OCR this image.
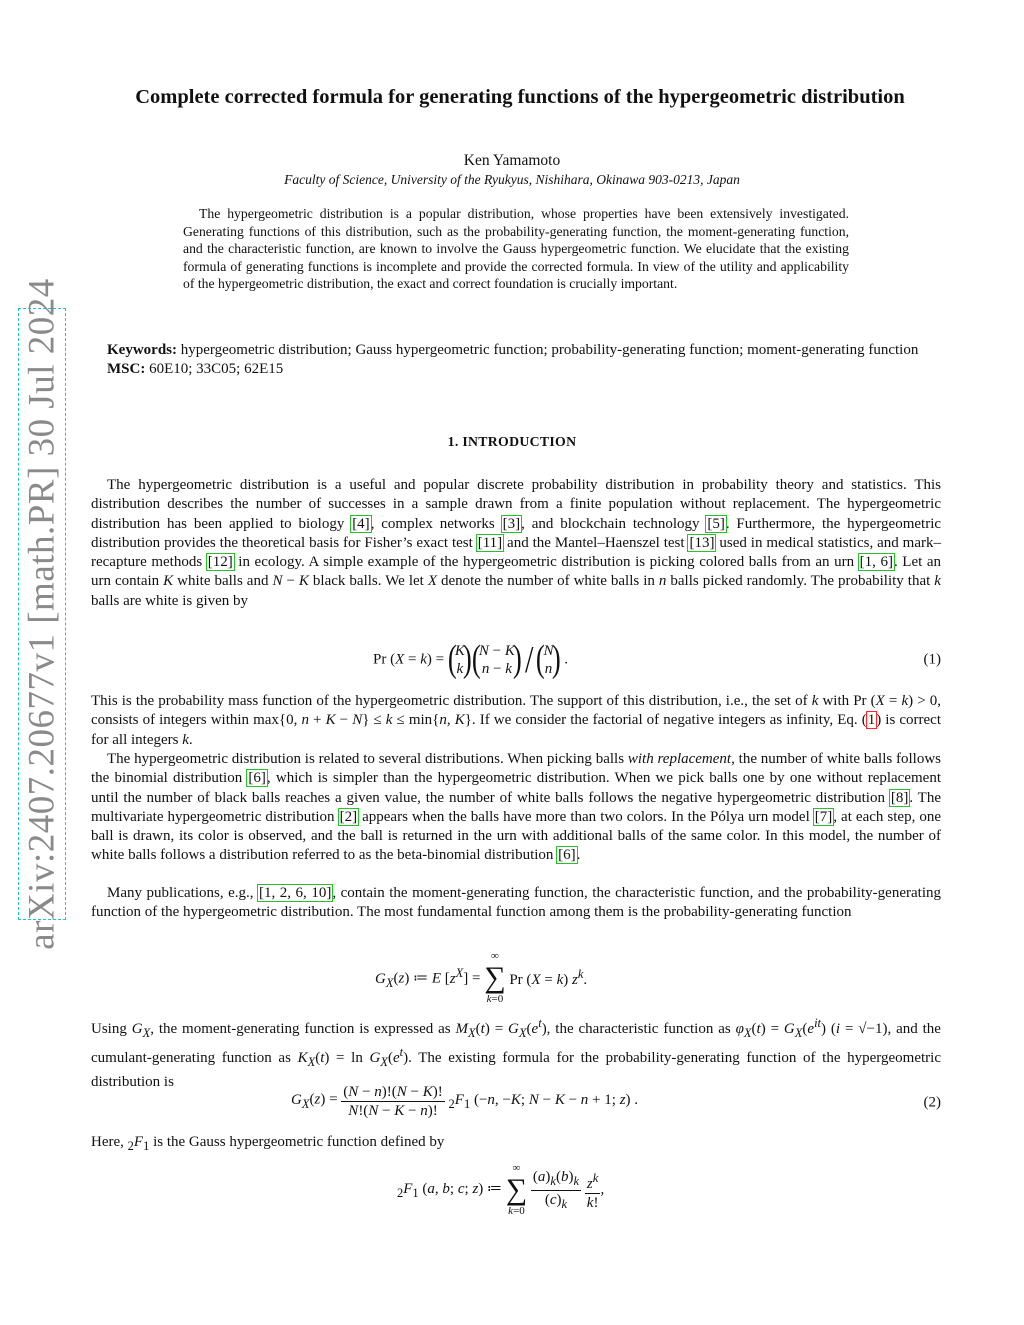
arXiv:2407.20677v1 [math.PR] 30 Jul 2024
Complete corrected formula for generating functions of the hypergeometric distribution
Ken Yamamoto
Faculty of Science, University of the Ryukyus, Nishihara, Okinawa 903-0213, Japan
The hypergeometric distribution is a popular distribution, whose properties have been extensively investigated. Generating functions of this distribution, such as the probability-generating function, the moment-generating function, and the characteristic function, are known to involve the Gauss hypergeometric function. We elucidate that the existing formula of generating functions is incomplete and provide the corrected formula. In view of the utility and applicability of the hypergeometric distribution, the exact and correct foundation is crucially important.
Keywords: hypergeometric distribution; Gauss hypergeometric function; probability-generating function; moment-generating function
MSC: 60E10; 33C05; 62E15
1. INTRODUCTION
The hypergeometric distribution is a useful and popular discrete probability distribution in probability theory and statistics. This distribution describes the number of successes in a sample drawn from a finite population without replacement. The hypergeometric distribution has been applied to biology [4], complex networks [3], and blockchain technology [5]. Furthermore, the hypergeometric distribution provides the theoretical basis for Fisher’s exact test [11] and the Mantel–Haenszel test [13] used in medical statistics, and mark–recapture methods [12] in ecology. A simple example of the hypergeometric distribution is picking colored balls from an urn [1, 6]. Let an urn contain K white balls and N − K black balls. We let X denote the number of white balls in n balls picked randomly. The probability that k balls are white is given by
Pr (X = k) = (
K
k ) (
N − K
n − k ) / (
N
n ) .	(1)
This is the probability mass function of the hypergeometric distribution. The support of this distribution, i.e., the set of k with Pr (X = k) > 0, consists of integers within max{0, n + K − N} ≤ k ≤ min{n, K}. If we consider the factorial of negative integers as infinity, Eq. (1) is correct for all integers k.
The hypergeometric distribution is related to several distributions. When picking balls with replacement, the number of white balls follows the binomial distribution [6], which is simpler than the hypergeometric distribution. When we pick balls one by one without replacement until the number of black balls reaches a given value, the number of white balls follows the negative hypergeometric distribution [8]. The multivariate hypergeometric distribution [2] appears when the balls have more than two colors. In the Pólya urn model [7], at each step, one ball is drawn, its color is observed, and the ball is returned in the urn with additional balls of the same color. In this model, the number of white balls follows a distribution referred to as the beta-binomial distribution [6].
Many publications, e.g., [1, 2, 6, 10], contain the moment-generating function, the characteristic function, and the probability-generating function of the hypergeometric distribution. The most fundamental function among them is the probability-generating function
$G_X(z)$ ≔ E $[z^X]$ =
∞
∑
k=0
Pr (X = k) $z^k$.
Using $G_X$, the moment-generating function is expressed as $M_X(t) = G_X(e^t)$, the characteristic function as $\varphi_X(t) = G_X(e^{it}) (i = √-1)$, and the cumulant-generating function as $K_X(t) = \ln G_X(e^t)$. The existing formula for the probability-generating function of the hypergeometric distribution is
$G_X(z) = \frac{(N - n)!(N - K)!}{N!(N - K - n)!} _2F_1$ (−n, −K; N − K − n + 1; z) .	(2)
Here, $_2F_1$ is the Gauss hypergeometric function defined by
$_2F_1$ (a, b; c; z) ≔
∞
∑
k=0
$\frac{(a)_k(b)_k}{(c)_k}$
$\frac{z^k}{k!}$ ,
